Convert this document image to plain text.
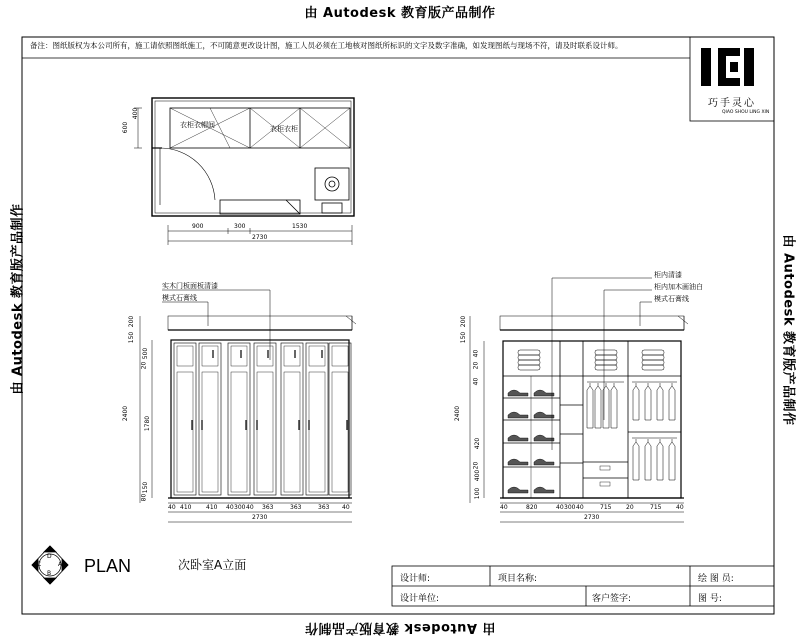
由 Autodesk 教育版产品制作
由 Autodesk 教育版产品制作
由 Autodesk 教育版产品制作	由 Autodesk 教育版产品制作
备注：图纸版权为本公司所有，施工请依照图纸施工，不可随意更改设计图，施工人员必须在工地核对图纸所标识的文字及数字准确，如发现图纸与现场不符，请及时联系设计师。
巧手灵心
QIAO SHOU LING XIN
衣柜衣帽间	衣柜衣柜
900	300	1530
2730
600
400
实木门板面板清漆
模式石膏线
200
150
500
20
1780
2400
150
80
40 410 410 40 300 40 363	363	363 40
2730
柜内清漆
柜内加木画油白
模式石膏线
200
150
40
20
40
2400
420
20
400
100
40	820	40 300 40	715 20	715 40
2730
D
A
B
C PLAN	次卧室A立面
设计师:	项目名称:	绘 图 员:
设计单位:	客户签字:	图 号:
